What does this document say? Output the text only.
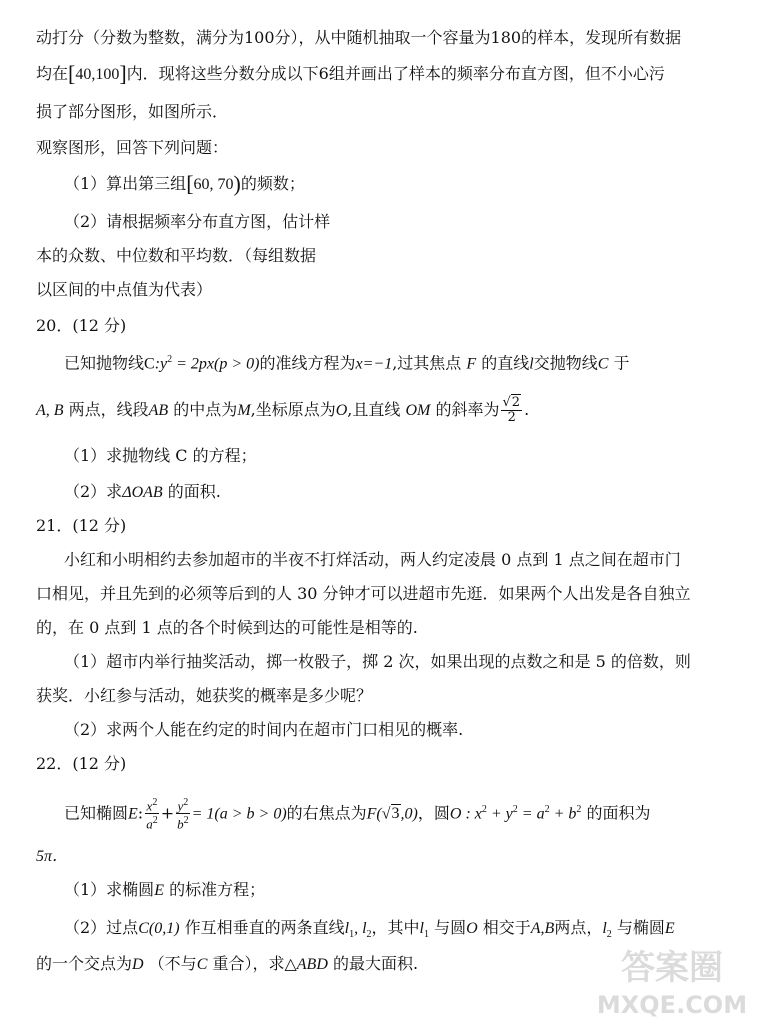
动打分（分数为整数，满分为100分），从中随机抽取一个容量为180的样本，发现所有数据
均在[40,100]内．现将这些分数分成以下6组并画出了样本的频率分布直方图，但不小心污
损了部分图形，如图所示．
观察图形，回答下列问题：
（1）算出第三组[60, 70)的频数；
（2）请根据频率分布直方图，估计样
本的众数、中位数和平均数．（每组数据
以区间的中点值为代表）
20．(12 分)
已知抛物线$C:y^2 = 2px(p > 0)$的准线方程为x=−1,过其焦点 F 的直线l交抛物线C 于
A, B 两点，线段AB 的中点为M,坐标原点为O,且直线 OM 的斜率为 $\frac{√2}{2}$ .
（1）求抛物线 C 的方程；
（2）求ΔOAB 的面积.
21．(12 分)
小红和小明相约去参加超市的半夜不打烊活动，两人约定凌晨 0 点到 1 点之间在超市门
口相见，并且先到的必须等后到的人 30 分钟才可以进超市先逛．如果两个人出发是各自独立
的，在 0 点到 1 点的各个时候到达的可能性是相等的.
（1）超市内举行抽奖活动，掷一枚骰子，掷 2 次，如果出现的点数之和是 5 的倍数，则
获奖．小红参与活动，她获奖的概率是多少呢？
（2）求两个人能在约定的时间内在超市门口相见的概率.
22．(12 分)
已知椭圆E: $\frac{x^2}{a^2} + \frac{y^2}{b^2} = 1(a > b > 0)$的右焦点为F(√3,0)，圆O : $x^2 + y^2 = a^2 + b^2$ 的面积为
5π．
（1）求椭圆E 的标准方程；
（2）过点C(0,1) 作互相垂直的两条直线$l_1$, $l_2$，其中$l_1$ 与圆O 相交于A,B两点，$l_2$ 与椭圆E
的一个交点为D （不与C 重合），求△ABD 的最大面积.	答案圈
MXQE.COM
